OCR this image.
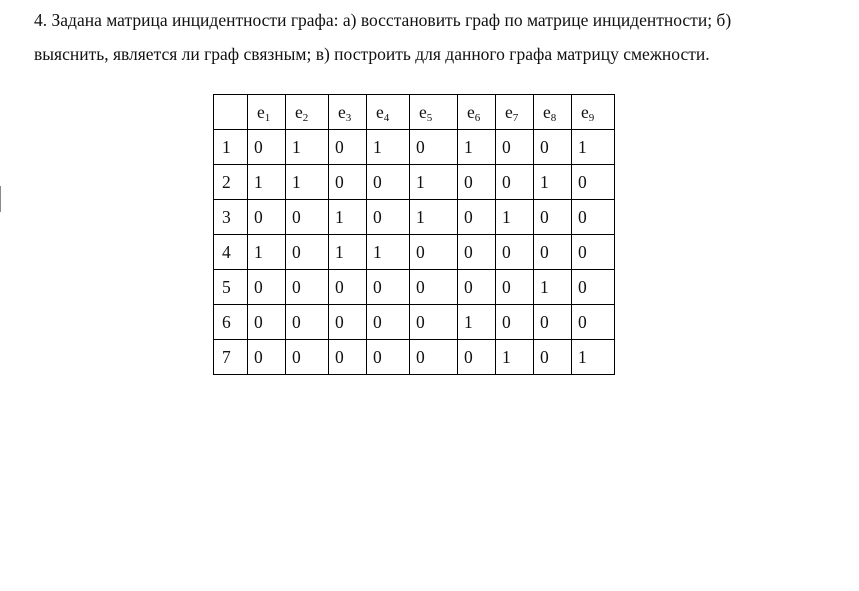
4. Задана матрица инцидентности графа: а) восстановить граф по матрице инцидентности; б)
выяснить, является ли граф связным; в) построить для данного графа матрицу смежности.

	$e_1$	$e_2$	$e_3$	$e_4$	$e_5$	$e_6$	$e_7$	$e_8$	$e_9$
1	0	1	0	1	0	1	0	0	1
2	1	1	0	0	1	0	0	1	0
3	0	0	1	0	1	0	1	0	0
4	1	0	1	1	0	0	0	0	0
5	0	0	0	0	0	0	0	1	0
6	0	0	0	0	0	1	0	0	0
7	0	0	0	0	0	0	1	0	1
